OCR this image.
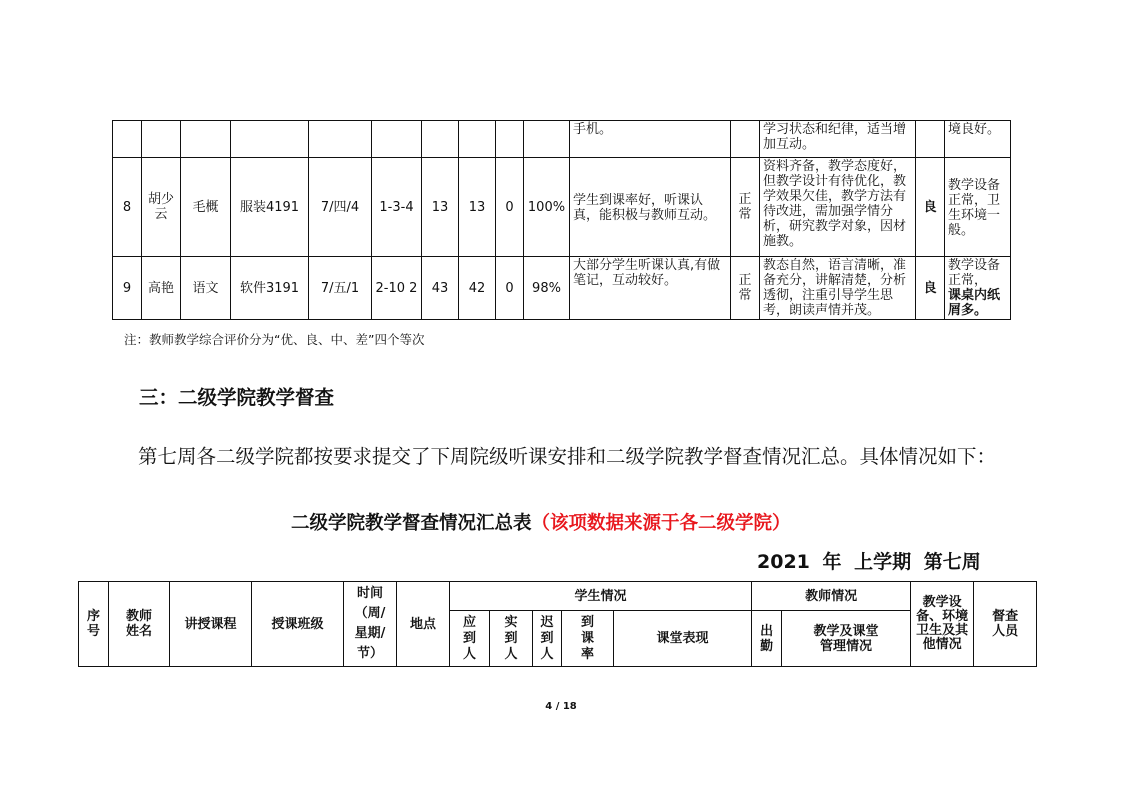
										手机。		学习状态和纪律，适当增加互动。		境良好。
8	胡少云	毛概	服装4191	7/四/4	1-3-4	13	13	0	100%	学生到课率好，听课认真，能积极与教师互动。	正常	资料齐备，教学态度好，但教学设计有待优化，教学效果欠佳，教学方法有待改进，需加强学情分析，研究教学对象，因材施教。	良	教学设备正常，卫生环境一般。
9	高艳	语文	软件3191	7/五/1	2-10 2	43	42	0	98%	大部分学生听课认真,有做笔记，互动较好。	正常	教态自然，语言清晰，准备充分，讲解清楚，分析透彻，注重引导学生思考，朗读声情并茂。	良	教学设备正常，
课桌内纸屑多。
注：教师教学综合评价分为“优、良、中、差”四个等次
三：二级学院教学督查
第七周各二级学院都按要求提交了下周院级听课安排和二级学院教学督查情况汇总。具体情况如下：
二级学院教学督查情况汇总表（该项数据来源于各二级学院）
2021 年 上学期 第七周
序号	教师姓名	讲授课程	授课班级	时间（周/星期/节）	地点	学生情况					教师情况		教学设备、环境卫生及其他情况	督查人员

						应到人	实到人	迟到人	到课率	课堂表现	出勤	教学及课堂管理情况		
4 / 18
